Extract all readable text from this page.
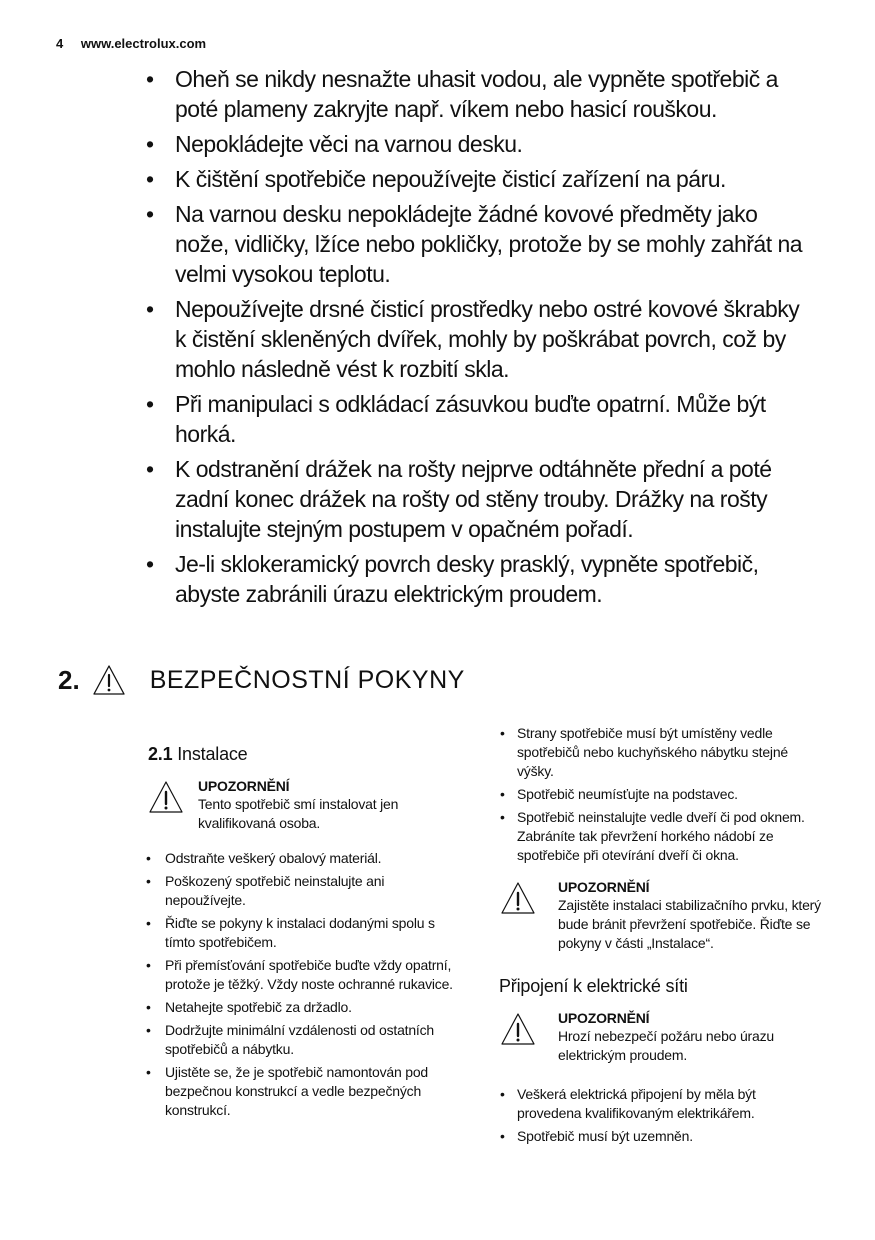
4 www.electrolux.com
• Oheň se nikdy nesnažte uhasit vodou, ale vypněte spotřebič a poté plameny zakryjte např. víkem nebo hasicí rouškou.
• Nepokládejte věci na varnou desku.
• K čištění spotřebiče nepoužívejte čisticí zařízení na páru.
• Na varnou desku nepokládejte žádné kovové předměty jako nože, vidličky, lžíce nebo pokličky, protože by se mohly zahřát na velmi vysokou teplotu.
• Nepoužívejte drsné čisticí prostředky nebo ostré kovové škrabky k čistění skleněných dvířek, mohly by poškrábat povrch, což by mohlo následně vést k rozbití skla.
• Při manipulaci s odkládací zásuvkou buďte opatrní. Může být horká.
• K odstranění drážek na rošty nejprve odtáhněte přední a poté zadní konec drážek na rošty od stěny trouby. Drážky na rošty instalujte stejným postupem v opačném pořadí.
• Je-li sklokeramický povrch desky prasklý, vypněte spotřebič, abyste zabránili úrazu elektrickým proudem.
2.	BEZPEČNOSTNÍ POKYNY
2.1 Instalace
UPOZORNĚNÍ
Tento spotřebič smí instalovat jen kvalifikovaná osoba.
• Odstraňte veškerý obalový materiál.
• Poškozený spotřebič neinstalujte ani nepoužívejte.
• Řiďte se pokyny k instalaci dodanými spolu s tímto spotřebičem.
• Při přemísťování spotřebiče buďte vždy opatrní, protože je těžký. Vždy noste ochranné rukavice.
• Netahejte spotřebič za držadlo.
• Dodržujte minimální vzdálenosti od ostatních spotřebičů a nábytku.
• Ujistěte se, že je spotřebič namontován pod bezpečnou konstrukcí a vedle bezpečných konstrukcí.
• Strany spotřebiče musí být umístěny vedle spotřebičů nebo kuchyňského nábytku stejné výšky.
• Spotřebič neumísťujte na podstavec.
• Spotřebič neinstalujte vedle dveří či pod oknem. Zabráníte tak převržení horkého nádobí ze spotřebiče při otevírání dveří či okna.
UPOZORNĚNÍ
Zajistěte instalaci stabilizačního prvku, který bude bránit převržení spotřebiče. Řiďte se pokyny v části „Instalace“.
Připojení k elektrické síti
UPOZORNĚNÍ
Hrozí nebezpečí požáru nebo úrazu elektrickým proudem.
• Veškerá elektrická připojení by měla být provedena kvalifikovaným elektrikářem.
• Spotřebič musí být uzemněn.
